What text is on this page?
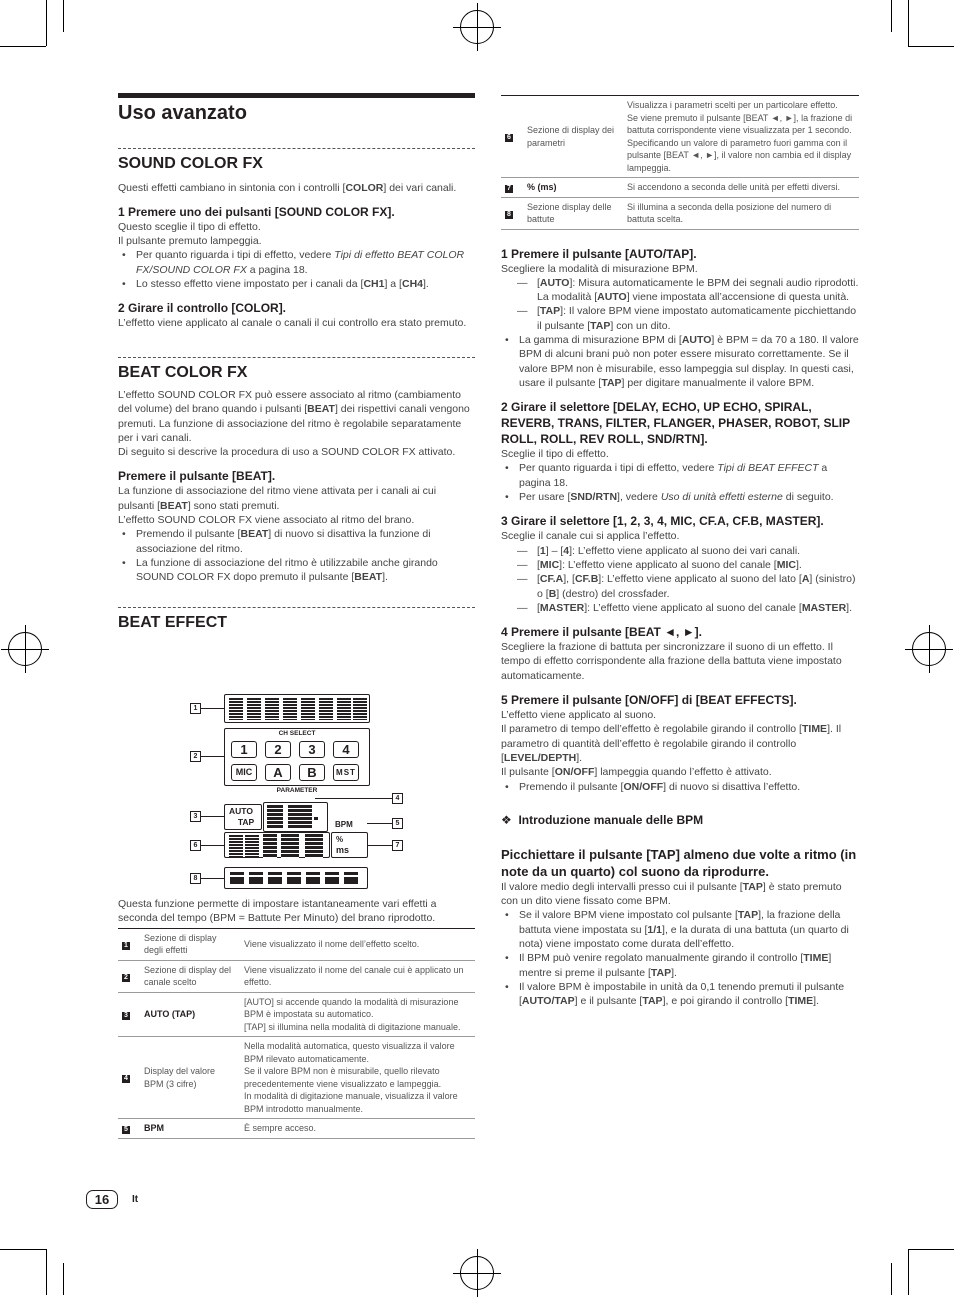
Uso avanzato
SOUND COLOR FX

Questi effetti cambiano in sintonia con i controlli [COLOR] dei vari canali.

1 Premere uno dei pulsanti [SOUND COLOR FX].

Questo sceglie il tipo di effetto.

Il pulsante premuto lampeggia.

• Per quanto riguarda i tipi di effetto, vedere Tipi di effetto BEAT COLOR FX/SOUND COLOR FX a pagina 18.

• Lo stesso effetto viene impostato per i canali da [CH1] a [CH4].

2 Girare il controllo [COLOR].

L’effetto viene applicato al canale o canali il cui controllo era stato premuto.

BEAT COLOR FX

L’effetto SOUND COLOR FX può essere associato al ritmo (cambiamento del volume) del brano quando i pulsanti [BEAT] dei rispettivi canali vengono premuti. La funzione di associazione del ritmo è regolabile separatamente per i vari canali.

Di seguito si descrive la procedura di uso a SOUND COLOR FX attivato.

Premere il pulsante [BEAT].

La funzione di associazione del ritmo viene attivata per i canali ai cui pulsanti [BEAT] sono stati premuti.

L’effetto SOUND COLOR FX viene associato al ritmo del brano.

• Premendo il pulsante [BEAT] di nuovo si disattiva la funzione di associazione del ritmo.

• La funzione di associazione del ritmo è utilizzabile anche girando SOUND COLOR FX dopo premuto il pulsante [BEAT].

BEAT EFFECT
1
2
3
4
5
6	7
8
CH SELECT
1	2	3	4
MIC	A	B	MST
PARAMETER
AUTO
TAP	BPM
%
ms

Questa funzione permette di impostare istantaneamente vari effetti a seconda del tempo (BPM = Battute Per Minuto) del brano riprodotto.

1	Sezione di display degli effetti	Viene visualizzato il nome dell’effetto scelto.
2	Sezione di display del canale scelto	Viene visualizzato il nome del canale cui è applicato un effetto.
3	AUTO (TAP)	[AUTO] si accende quando la modalità di misurazione BPM è impostata su automatico.
[TAP] si illumina nella modalità di digitazione manuale.

4	Display del valore BPM (3 cifre)	Nella modalità automatica, questo visualizza il valore BPM rilevato automaticamente.
Se il valore BPM non è misurabile, quello rilevato precedentemente viene visualizzato e lampeggia.
In modalità di digitazione manuale, visualizza il valore BPM introdotto manualmente.

5	BPM	È sempre acceso.
6	Sezione di display dei parametri	Visualizza i parametri scelti per un particolare effetto.
Se viene premuto il pulsante [BEAT ◄, ►], la frazione di battuta corrispondente viene visualizzata per 1 secondo.
Specificando un valore di parametro fuori gamma con il pulsante [BEAT ◄, ►], il valore non cambia ed il display lampeggia.

7	% (ms)	Si accendono a seconda delle unità per effetti diversi.
8	Sezione display delle battute	Si illumina a seconda della posizione del numero di battuta scelta.

1 Premere il pulsante [AUTO/TAP].

Scegliere la modalità di misurazione BPM.

— [AUTO]: Misura automaticamente le BPM dei segnali audio riprodotti. La modalità [AUTO] viene impostata all’accensione di questa unità.

— [TAP]: Il valore BPM viene impostato automaticamente picchiettando il pulsante [TAP] con un dito.

• La gamma di misurazione BPM di [AUTO] è BPM = da 70 a 180. Il valore BPM di alcuni brani può non poter essere misurato correttamente. Se il valore BPM non è misurabile, esso lampeggia sul display. In questi casi, usare il pulsante [TAP] per digitare manualmente il valore BPM.

2 Girare il selettore [DELAY, ECHO, UP ECHO, SPIRAL, REVERB, TRANS, FILTER, FLANGER, PHASER, ROBOT, SLIP ROLL, ROLL, REV ROLL, SND/RTN].

Sceglie il tipo di effetto.

• Per quanto riguarda i tipi di effetto, vedere Tipi di BEAT EFFECT a pagina 18.

• Per usare [SND/RTN], vedere Uso di unità effetti esterne di seguito.

3 Girare il selettore [1, 2, 3, 4, MIC, CF.A, CF.B, MASTER].

Sceglie il canale cui si applica l’effetto.

— [1] – [4]: L’effetto viene applicato al suono dei vari canali.

— [MIC]: L’effetto viene applicato al suono del canale [MIC].

— [CF.A], [CF.B]: L’effetto viene applicato al suono del lato [A] (sinistro) o [B] (destro) del crossfader.

— [MASTER]: L’effetto viene applicato al suono del canale [MASTER].

4 Premere il pulsante [BEAT ◄, ►].

Scegliere la frazione di battuta per sincronizzare il suono di un effetto. Il tempo di effetto corrispondente alla frazione della battuta viene impostato automaticamente.

5 Premere il pulsante [ON/OFF] di [BEAT EFFECTS].

L’effetto viene applicato al suono.

Il parametro di tempo dell’effetto è regolabile girando il controllo [TIME]. Il parametro di quantità dell’effetto è regolabile girando il controllo [LEVEL/DEPTH].

Il pulsante [ON/OFF] lampeggia quando l’effetto è attivato.

• Premendo il pulsante [ON/OFF] di nuovo si disattiva l’effetto.

❖ Introduzione manuale delle BPM

Picchiettare il pulsante [TAP] almeno due volte a ritmo (in note da un quarto) col suono da riprodurre.

Il valore medio degli intervalli presso cui il pulsante [TAP] è stato premuto con un dito viene fissato come BPM.

• Se il valore BPM viene impostato col pulsante [TAP], la frazione della battuta viene impostata su [1/1], e la durata di una battuta (un quarto di nota) viene impostato come durata dell’effetto.

• Il BPM può venire regolato manualmente girando il controllo [TIME] mentre si preme il pulsante [TAP].

• Il valore BPM è impostabile in unità da 0,1 tenendo premuti il pulsante [AUTO/TAP] e il pulsante [TAP], e poi girando il controllo [TIME].

16	It
